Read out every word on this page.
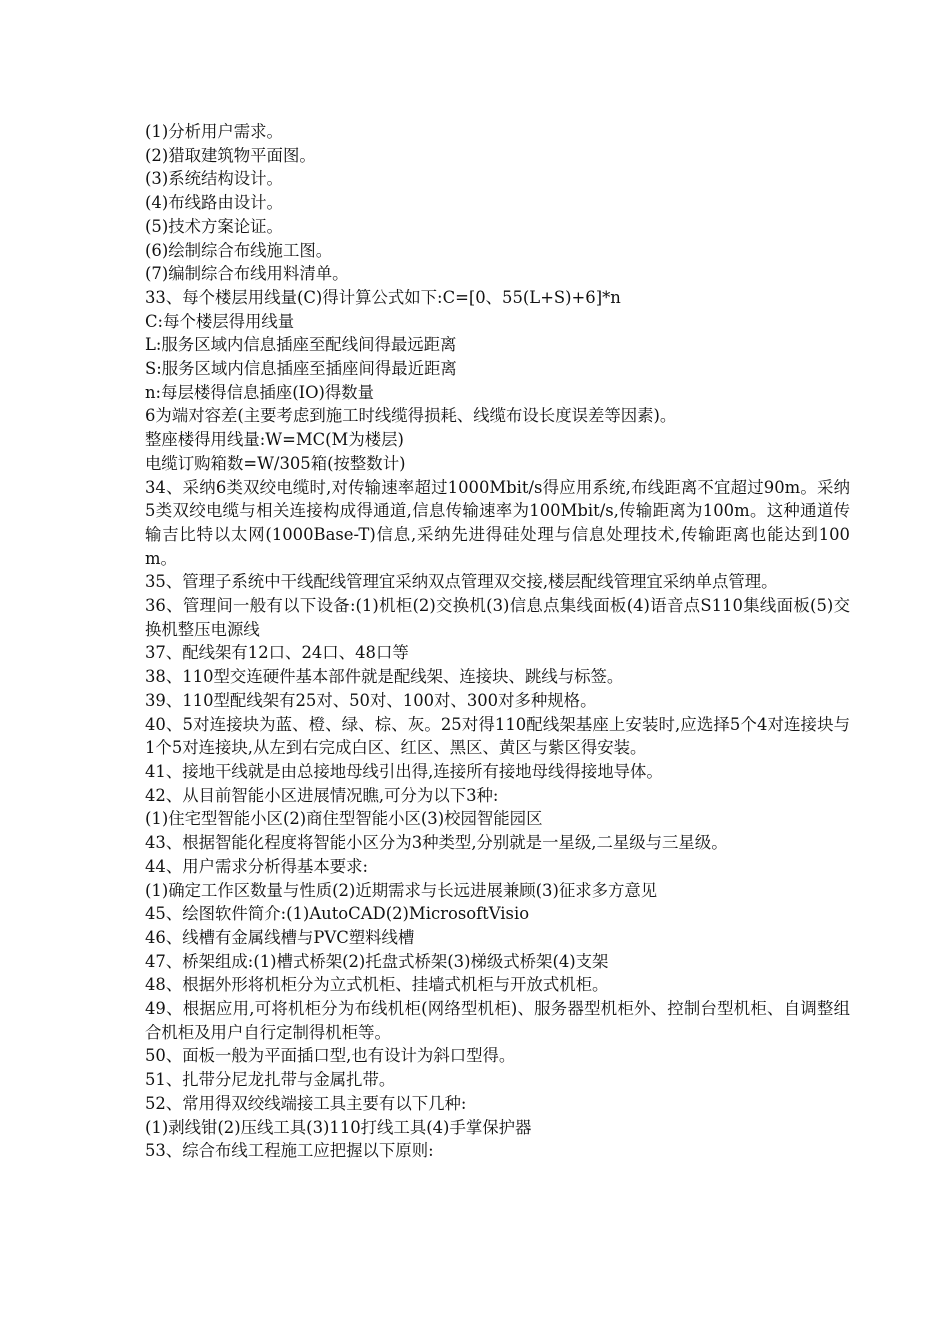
(1)分析用户需求。

(2)猎取建筑物平面图。

(3)系统结构设计。

(4)布线路由设计。

(5)技术方案论证。

(6)绘制综合布线施工图。

(7)编制综合布线用料清单。

33、每个楼层用线量(C)得计算公式如下:C=[0、55(L+S)+6]*n

C:每个楼层得用线量

L:服务区域内信息插座至配线间得最远距离

S:服务区域内信息插座至插座间得最近距离

n:每层楼得信息插座(IO)得数量

6为端对容差(主要考虑到施工时线缆得损耗、线缆布设长度误差等因素)。

整座楼得用线量:W=MC(M为楼层)

电缆订购箱数=W/305箱(按整数计)

34、采纳6类双绞电缆时,对传输速率超过1000Mbit/s得应用系统,布线距离不宜超过90m。采纳5类双绞电缆与相关连接构成得通道,信息传输速率为100Mbit/s,传输距离为100m。这种通道传输吉比特以太网(1000Base-T)信息,采纳先进得硅处理与信息处理技术,传输距离也能达到100m。

35、管理子系统中干线配线管理宜采纳双点管理双交接,楼层配线管理宜采纳单点管理。

36、管理间一般有以下设备:(1)机柜(2)交换机(3)信息点集线面板(4)语音点S110集线面板(5)交换机整压电源线

37、配线架有12口、24口、48口等

38、110型交连硬件基本部件就是配线架、连接块、跳线与标签。

39、110型配线架有25对、50对、100对、300对多种规格。

40、5对连接块为蓝、橙、绿、棕、灰。25对得110配线架基座上安装时,应选择5个4对连接块与1个5对连接块,从左到右完成白区、红区、黑区、黄区与紫区得安装。

41、接地干线就是由总接地母线引出得,连接所有接地母线得接地导体。

42、从目前智能小区进展情况瞧,可分为以下3种:

(1)住宅型智能小区(2)商住型智能小区(3)校园智能园区

43、根据智能化程度将智能小区分为3种类型,分别就是一星级,二星级与三星级。

44、用户需求分析得基本要求:

(1)确定工作区数量与性质(2)近期需求与长远进展兼顾(3)征求多方意见

45、绘图软件简介:(1)AutoCAD(2)MicrosoftVisio

46、线槽有金属线槽与PVC塑料线槽

47、桥架组成:(1)槽式桥架(2)托盘式桥架(3)梯级式桥架(4)支架

48、根据外形将机柜分为立式机柜、挂墙式机柜与开放式机柜。

49、根据应用,可将机柜分为布线机柜(网络型机柜)、服务器型机柜外、控制台型机柜、自调整组合机柜及用户自行定制得机柜等。

50、面板一般为平面插口型,也有设计为斜口型得。

51、扎带分尼龙扎带与金属扎带。

52、常用得双绞线端接工具主要有以下几种:

(1)剥线钳(2)压线工具(3)110打线工具(4)手掌保护器

53、综合布线工程施工应把握以下原则:
